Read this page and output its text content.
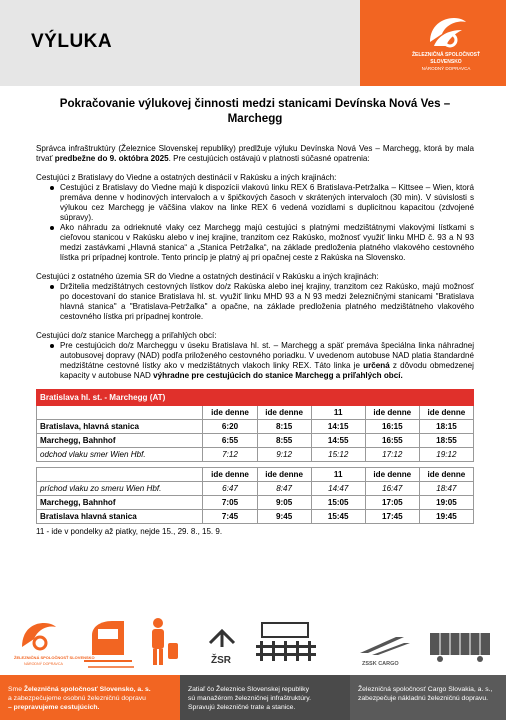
VÝLUKA
ŽELEZNIČNÁ SPOLOČNOSŤ SLOVENSKO
NÁRODNÝ DOPRAVCA
Pokračovanie výlukovej činnosti medzi stanicami Devínska Nová Ves – Marchegg

Správca infraštruktúry (Železnice Slovenskej republiky) predlžuje výluku Devínska Nová Ves – Marchegg, ktorá by mala trvať predbežne do 9. októbra 2025. Pre cestujúcich ostávajú v platnosti súčasné opatrenia:

Cestujúci z Bratislavy do Viedne a ostatných destinácií v Rakúsku a iných krajinách:

Cestujúci z Bratislavy do Viedne majú k dispozícii vlakovú linku REX 6 Bratislava-Petržalka – Kittsee – Wien, ktorá premáva denne v hodinových intervaloch a v špičkových časoch v skrátených intervaloch (30 min). V súvislosti s výlukou cez Marchegg je väčšina vlakov na linke REX 6 vedená vozidlami s duplicitnou kapacitou (zdvojené súpravy).
Ako náhradu za odrieknuté vlaky cez Marchegg majú cestujúci s platnými medzištátnymi vlakovými lístkami s cieľovou stanicou v Rakúsku alebo v inej krajine, tranzitom cez Rakúsko, možnosť využiť linku MHD č. 93 a N 93 medzi zastávkami „Hlavná stanica“ a „Stanica Petržalka“, na základe predloženia platného vlakového cestovného lístka pri prípadnej kontrole. Tento princíp je platný aj pri opačnej ceste z Rakúska na Slovensko.

Cestujúci z ostatného územia SR do Viedne a ostatných destinácií v Rakúsku a iných krajinách:

Držitelia medzištátnych cestovných lístkov do/z Rakúska alebo inej krajiny, tranzitom cez Rakúsko, majú možnosť po docestovaní do stanice Bratislava hl. st. využiť linku MHD 93 a N 93 medzi železničnými stanicami "Bratislava hlavná stanica" a "Bratislava-Petržalka" a opačne, na základe predloženia platného medzištátneho vlakového cestovného lístka pri prípadnej kontrole.

Cestujúci do/z stanice Marchegg a priľahlých obcí:

Pre cestujúcich do/z Marcheggu v úseku Bratislava hl. st. – Marchegg a späť premáva špeciálna linka náhradnej autobusovej dopravy (NAD) podľa priloženého cestovného poriadku. V uvedenom autobuse NAD platia štandardné medzištátne cestovné lístky ako v medzištátnych vlakoch linky REX. Táto linka je určená z dôvodu obmedzenej kapacity v autobuse NAD výhradne pre cestujúcich do stanice Marchegg a priľahlých obcí.
Bratislava hl. st. - Marchegg (AT)					
	ide denne	ide denne	11	ide denne	ide denne
Bratislava, hlavná stanica	6:20	8:15	14:15	16:15	18:15
Marchegg, Bahnhof	6:55	8:55	14:55	16:55	18:55
odchod vlaku smer Wien Hbf.	7:12	9:12	15:12	17:12	19:12

	ide denne	ide denne	11	ide denne	ide denne
príchod vlaku zo smeru Wien Hbf.	6:47	8:47	14:47	16:47	18:47
Marchegg, Bahnhof	7:05	9:05	15:05	17:05	19:05
Bratislava hlavná stanica	7:45	9:45	15:45	17:45	19:45
11 - ide v pondelky až piatky, nejde 15., 29. 8., 15. 9.
ŽELEZNIČNÁ SPOLOČNOSŤ SLOVENSKO
NÁRODNÝ DOPRAVCA	ŽSR	ZSSK CARGO
Sme Železničná spoločnosť Slovensko, a. s.
a zabezpečujeme osobnú železničnú dopravu
– prepravujeme cestujúcich.
Zatiaľ čo Železnice Slovenskej republiky
sú manažérom železničnej infraštruktúry.
Spravujú železničné trate a stanice.
Železničná spoločnosť Cargo Slovakia, a. s.,
zabezpečuje nákladnú železničnú dopravu.
